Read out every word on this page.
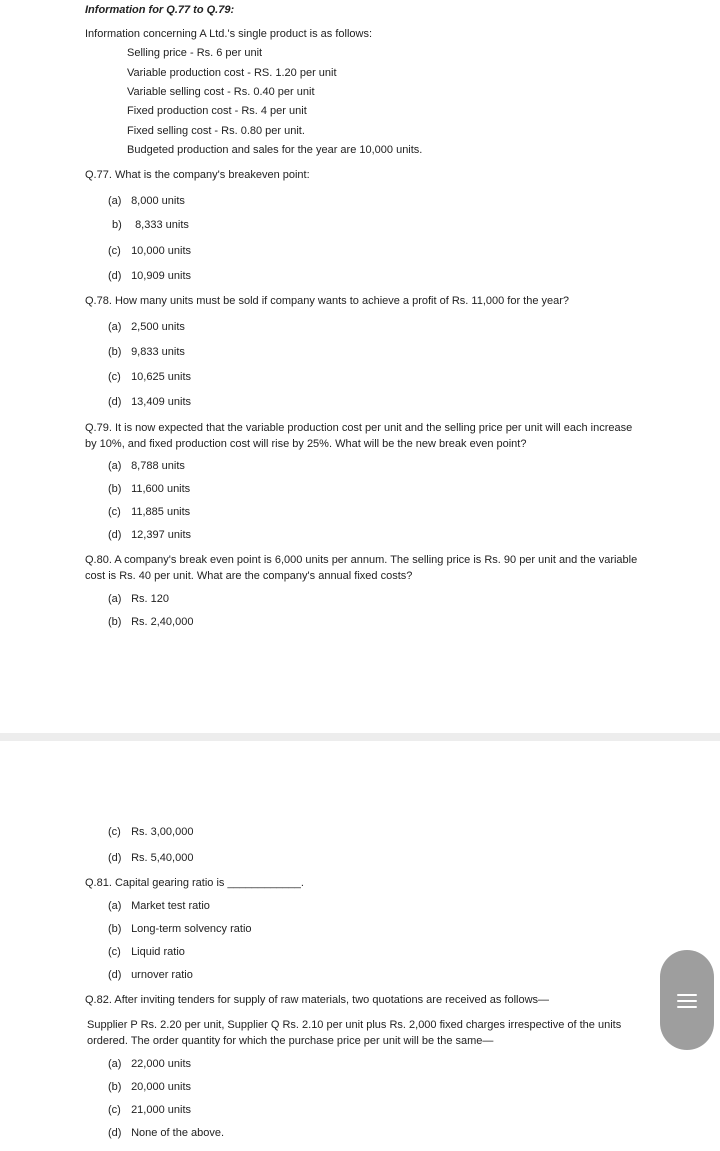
Information for Q.77 to Q.79:
Information concerning A Ltd.'s single product is as follows:
Selling price - Rs. 6 per unit
Variable production cost - RS. 1.20 per unit
Variable selling cost - Rs. 0.40 per unit
Fixed production cost - Rs. 4 per unit
Fixed selling cost - Rs. 0.80 per unit.
Budgeted production and sales for the year are 10,000 units.
Q.77. What is the company's breakeven point:
(a) 8,000 units
b) 8,333 units
(c) 10,000 units
(d) 10,909 units
Q.78. How many units must be sold if company wants to achieve a profit of Rs. 11,000 for the year?
(a) 2,500 units
(b) 9,833 units
(c) 10,625 units
(d) 13,409 units
Q.79. It is now expected that the variable production cost per unit and the selling price per unit will each increase by 10%, and fixed production cost will rise by 25%. What will be the new break even point?
(a) 8,788 units
(b) 11,600 units
(c) 11,885 units
(d) 12,397 units
Q.80. A company's break even point is 6,000 units per annum. The selling price is Rs. 90 per unit and the variable cost is Rs. 40 per unit. What are the company's annual fixed costs?
(a) Rs. 120
(b) Rs. 2,40,000
(c) Rs. 3,00,000
(d) Rs. 5,40,000
Q.81. Capital gearing ratio is ____________.
(a) Market test ratio
(b) Long-term solvency ratio
(c) Liquid ratio
(d) urnover ratio
Q.82. After inviting tenders for supply of raw materials, two quotations are received as follows—
Supplier P Rs. 2.20 per unit, Supplier Q Rs. 2.10 per unit plus Rs. 2,000 fixed charges irrespective of the units ordered. The order quantity for which the purchase price per unit will be the same—
(a) 22,000 units
(b) 20,000 units
(c) 21,000 units
(d) None of the above.
